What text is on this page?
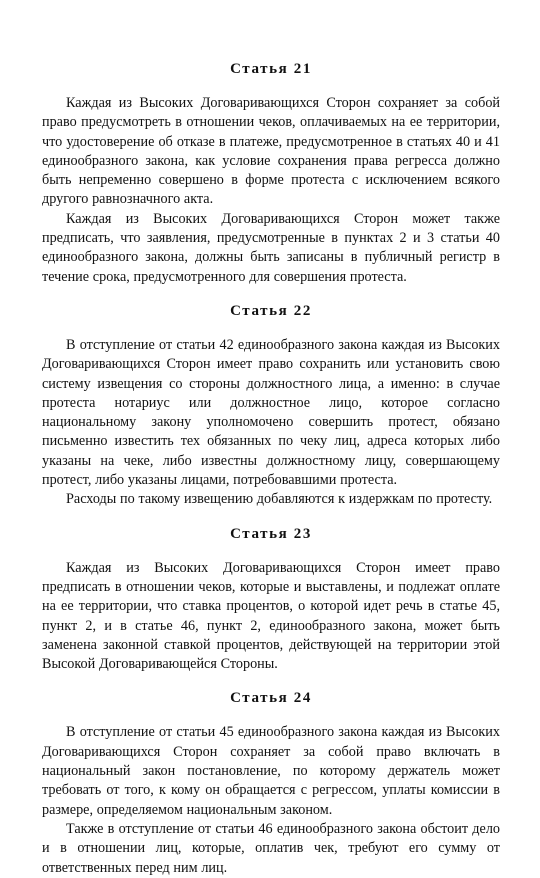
Статья 21

Каждая из Высоких Договаривающихся Сторон сохраняет за собой право предусмотреть в отношении чеков, оплачиваемых на ее территории, что удостоверение об отказе в платеже, предусмотренное в статьях 40 и 41 единообразного закона, как условие сохранения права регресса должно быть непременно совершено в форме протеста с исключением всякого другого равнозначного акта.

Каждая из Высоких Договаривающихся Сторон может также предписать, что заявления, предусмотренные в пунктах 2 и 3 статьи 40 единообразного закона, должны быть записаны в публичный регистр в течение срока, предусмотренного для совершения протеста.

Статья 22

В отступление от статьи 42 единообразного закона каждая из Высоких Договаривающихся Сторон имеет право сохранить или установить свою систему извещения со стороны должностного лица, а именно: в случае протеста нотариус или должностное лицо, которое согласно национальному закону уполномочено совершить протест, обязано письменно известить тех обязанных по чеку лиц, адреса которых либо указаны на чеке, либо известны должностному лицу, совершающему протест, либо указаны лицами, потребовавшими протеста.

Расходы по такому извещению добавляются к издержкам по протесту.

Статья 23

Каждая из Высоких Договаривающихся Сторон имеет право предписать в отношении чеков, которые и выставлены, и подлежат оплате на ее территории, что ставка процентов, о которой идет речь в статье 45, пункт 2, и в статье 46, пункт 2, единообразного закона, может быть заменена законной ставкой процентов, действующей на территории этой Высокой Договаривающейся Стороны.

Статья 24

В отступление от статьи 45 единообразного закона каждая из Высоких Договаривающихся Сторон сохраняет за собой право включать в национальный закон постановление, по которому держатель может требовать от того, к кому он обращается с регрессом, уплаты комиссии в размере, определяемом национальным законом.

Также в отступление от статьи 46 единообразного закона обстоит дело и в отношении лиц, которые, оплатив чек, требуют его сумму от ответственных перед ним лиц.
